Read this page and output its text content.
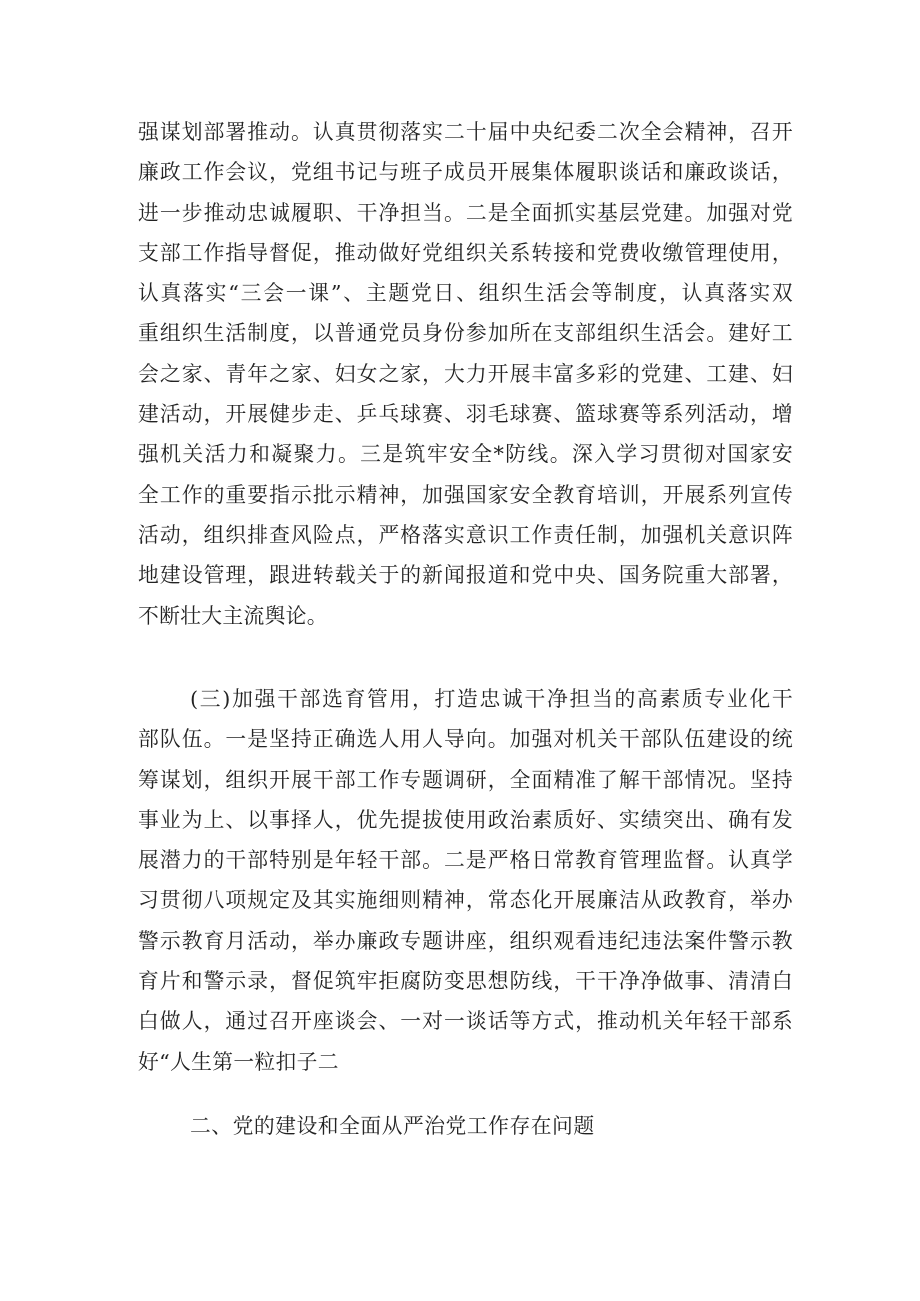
强谋划部署推动。认真贯彻落实二十届中央纪委二次全会精神，召开
廉政工作会议，党组书记与班子成员开展集体履职谈话和廉政谈话，
进一步推动忠诚履职、干净担当。二是全面抓实基层党建。加强对党
支部工作指导督促，推动做好党组织关系转接和党费收缴管理使用，
认真落实“三会一课”、主题党日、组织生活会等制度，认真落实双
重组织生活制度，以普通党员身份参加所在支部组织生活会。建好工
会之家、青年之家、妇女之家，大力开展丰富多彩的党建、工建、妇
建活动，开展健步走、乒乓球赛、羽毛球赛、篮球赛等系列活动，增
强机关活力和凝聚力。三是筑牢安全*防线。深入学习贯彻对国家安
全工作的重要指示批示精神，加强国家安全教育培训，开展系列宣传
活动，组织排查风险点，严格落实意识工作责任制，加强机关意识阵
地建设管理，跟进转载关于的新闻报道和党中央、国务院重大部署，
不断壮大主流舆论。
(三)加强干部选育管用，打造忠诚干净担当的高素质专业化干
部队伍。一是坚持正确选人用人导向。加强对机关干部队伍建设的统
筹谋划，组织开展干部工作专题调研，全面精准了解干部情况。坚持
事业为上、以事择人，优先提拔使用政治素质好、实绩突出、确有发
展潜力的干部特别是年轻干部。二是严格日常教育管理监督。认真学
习贯彻八项规定及其实施细则精神，常态化开展廉洁从政教育，举办
警示教育月活动，举办廉政专题讲座，组织观看违纪违法案件警示教
育片和警示录，督促筑牢拒腐防变思想防线，干干净净做事、清清白
白做人，通过召开座谈会、一对一谈话等方式，推动机关年轻干部系
好“人生第一粒扣子二
二、党的建设和全面从严治党工作存在问题
